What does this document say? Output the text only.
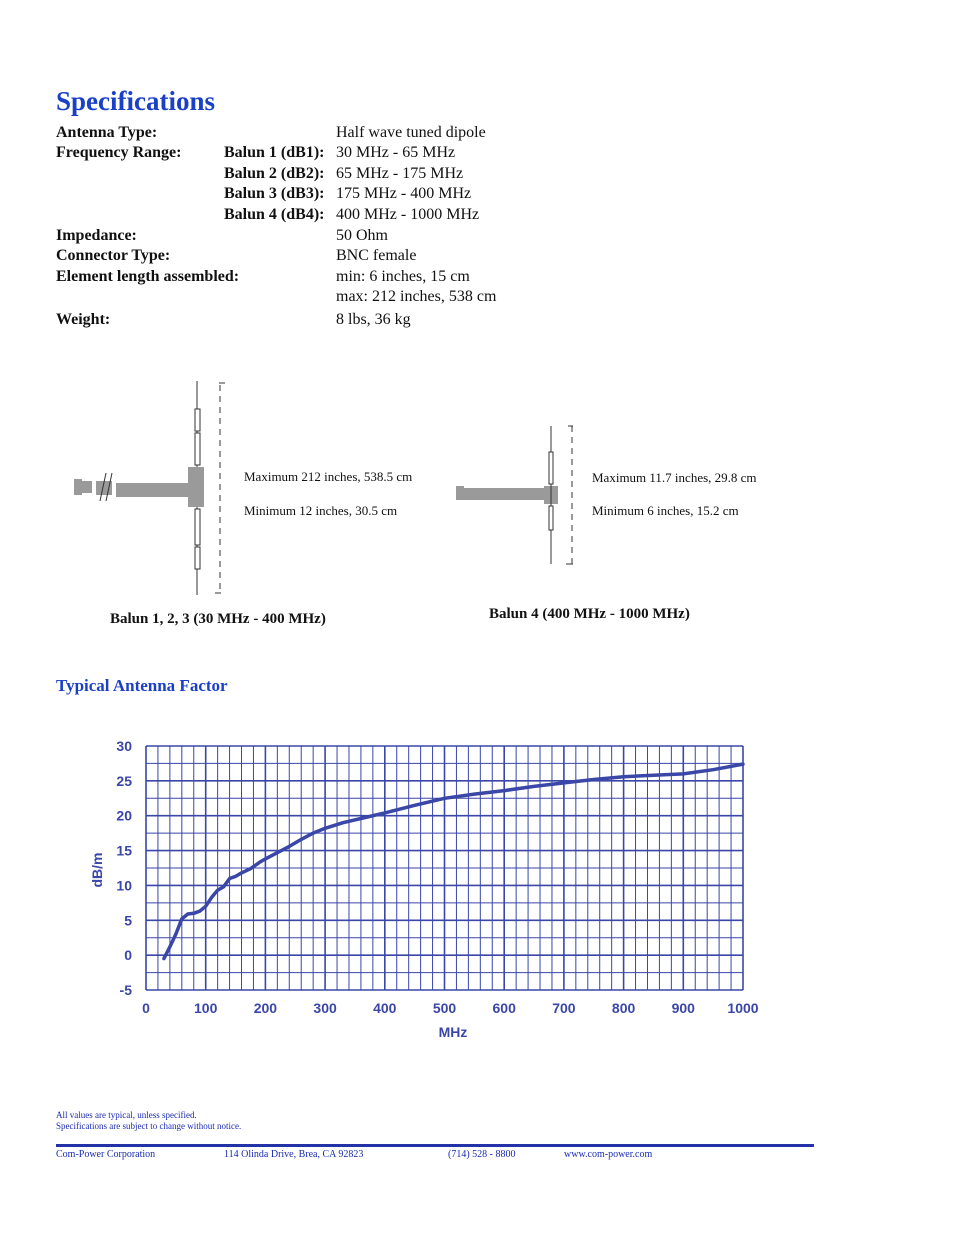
Specifications
Antenna Type:	Half wave tuned dipole
Frequency Range:	Balun 1 (dB1): 30 MHz - 65 MHz
Balun 2 (dB2): 65 MHz - 175 MHz
Balun 3 (dB3): 175 MHz - 400 MHz
Balun 4 (dB4): 400 MHz - 1000 MHz
Impedance:	50 Ohm
Connector Type:	BNC female
Element length assembled:	min: 6 inches, 15 cm
max: 212 inches, 538 cm
Weight:	8 lbs, 36 kg
Maximum 212 inches, 538.5 cm
Minimum 12 inches, 30.5 cm
Balun 1, 2, 3 (30 MHz - 400 MHz)
Maximum 11.7 inches, 29.8 cm
Minimum 6 inches, 15.2 cm
Balun 4 (400 MHz - 1000 MHz)
Typical Antenna Factor
0	100	200	300	400	500	600	700	800	900 1000
-5
0
5
10
15
20
25
30
MHz
dB/m
All values are typical, unless specified.
Specifications are subject to change without notice.
Com-Power Corporation	114 Olinda Drive, Brea, CA 92823	(714) 528 - 8800	www.com-power.com
